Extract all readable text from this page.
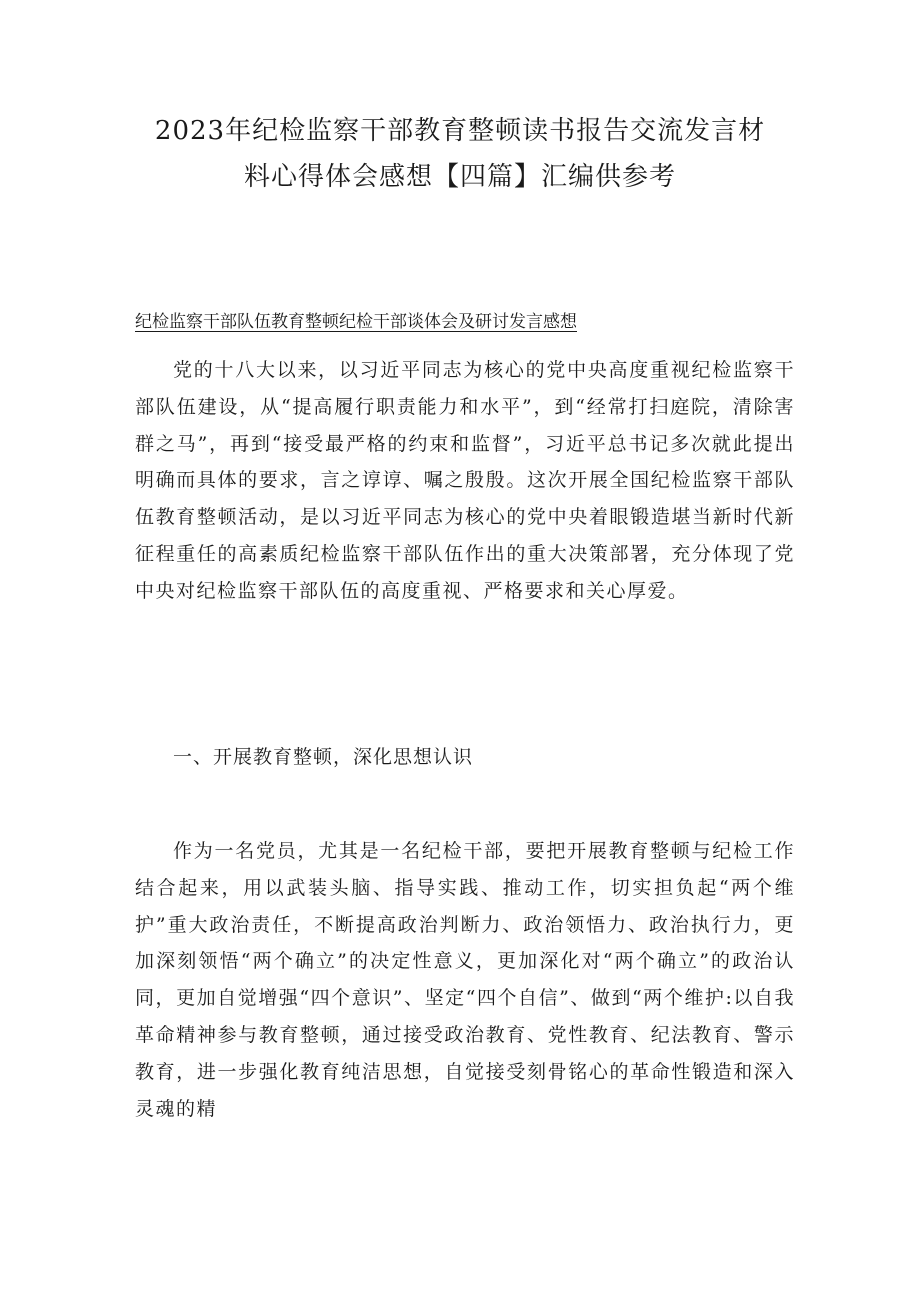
2023年纪检监察干部教育整顿读书报告交流发言材
料心得体会感想【四篇】汇编供参考

纪检监察干部队伍教育整顿纪检干部谈体会及研讨发言感想

党的十八大以来，以习近平同志为核心的党中央高度重视纪检监察干部队伍建设，从“提高履行职责能力和水平”，到“经常打扫庭院，清除害群之马”，再到“接受最严格的约束和监督”，习近平总书记多次就此提出明确而具体的要求，言之谆谆、嘱之殷殷。这次开展全国纪检监察干部队伍教育整顿活动，是以习近平同志为核心的党中央着眼锻造堪当新时代新征程重任的高素质纪检监察干部队伍作出的重大决策部署，充分体现了党中央对纪检监察干部队伍的高度重视、严格要求和关心厚爱。

一、开展教育整顿，深化思想认识

作为一名党员，尤其是一名纪检干部，要把开展教育整顿与纪检工作结合起来，用以武装头脑、指导实践、推动工作，切实担负起“两个维护”重大政治责任，不断提高政治判断力、政治领悟力、政治执行力，更加深刻领悟“两个确立”的决定性意义，更加深化对“两个确立”的政治认同，更加自觉增强“四个意识”、坚定“四个自信”、做到“两个维护:以自我革命精神参与教育整顿，通过接受政治教育、党性教育、纪法教育、警示教育，进一步强化教育纯洁思想，自觉接受刻骨铭心的革命性锻造和深入灵魂的精
